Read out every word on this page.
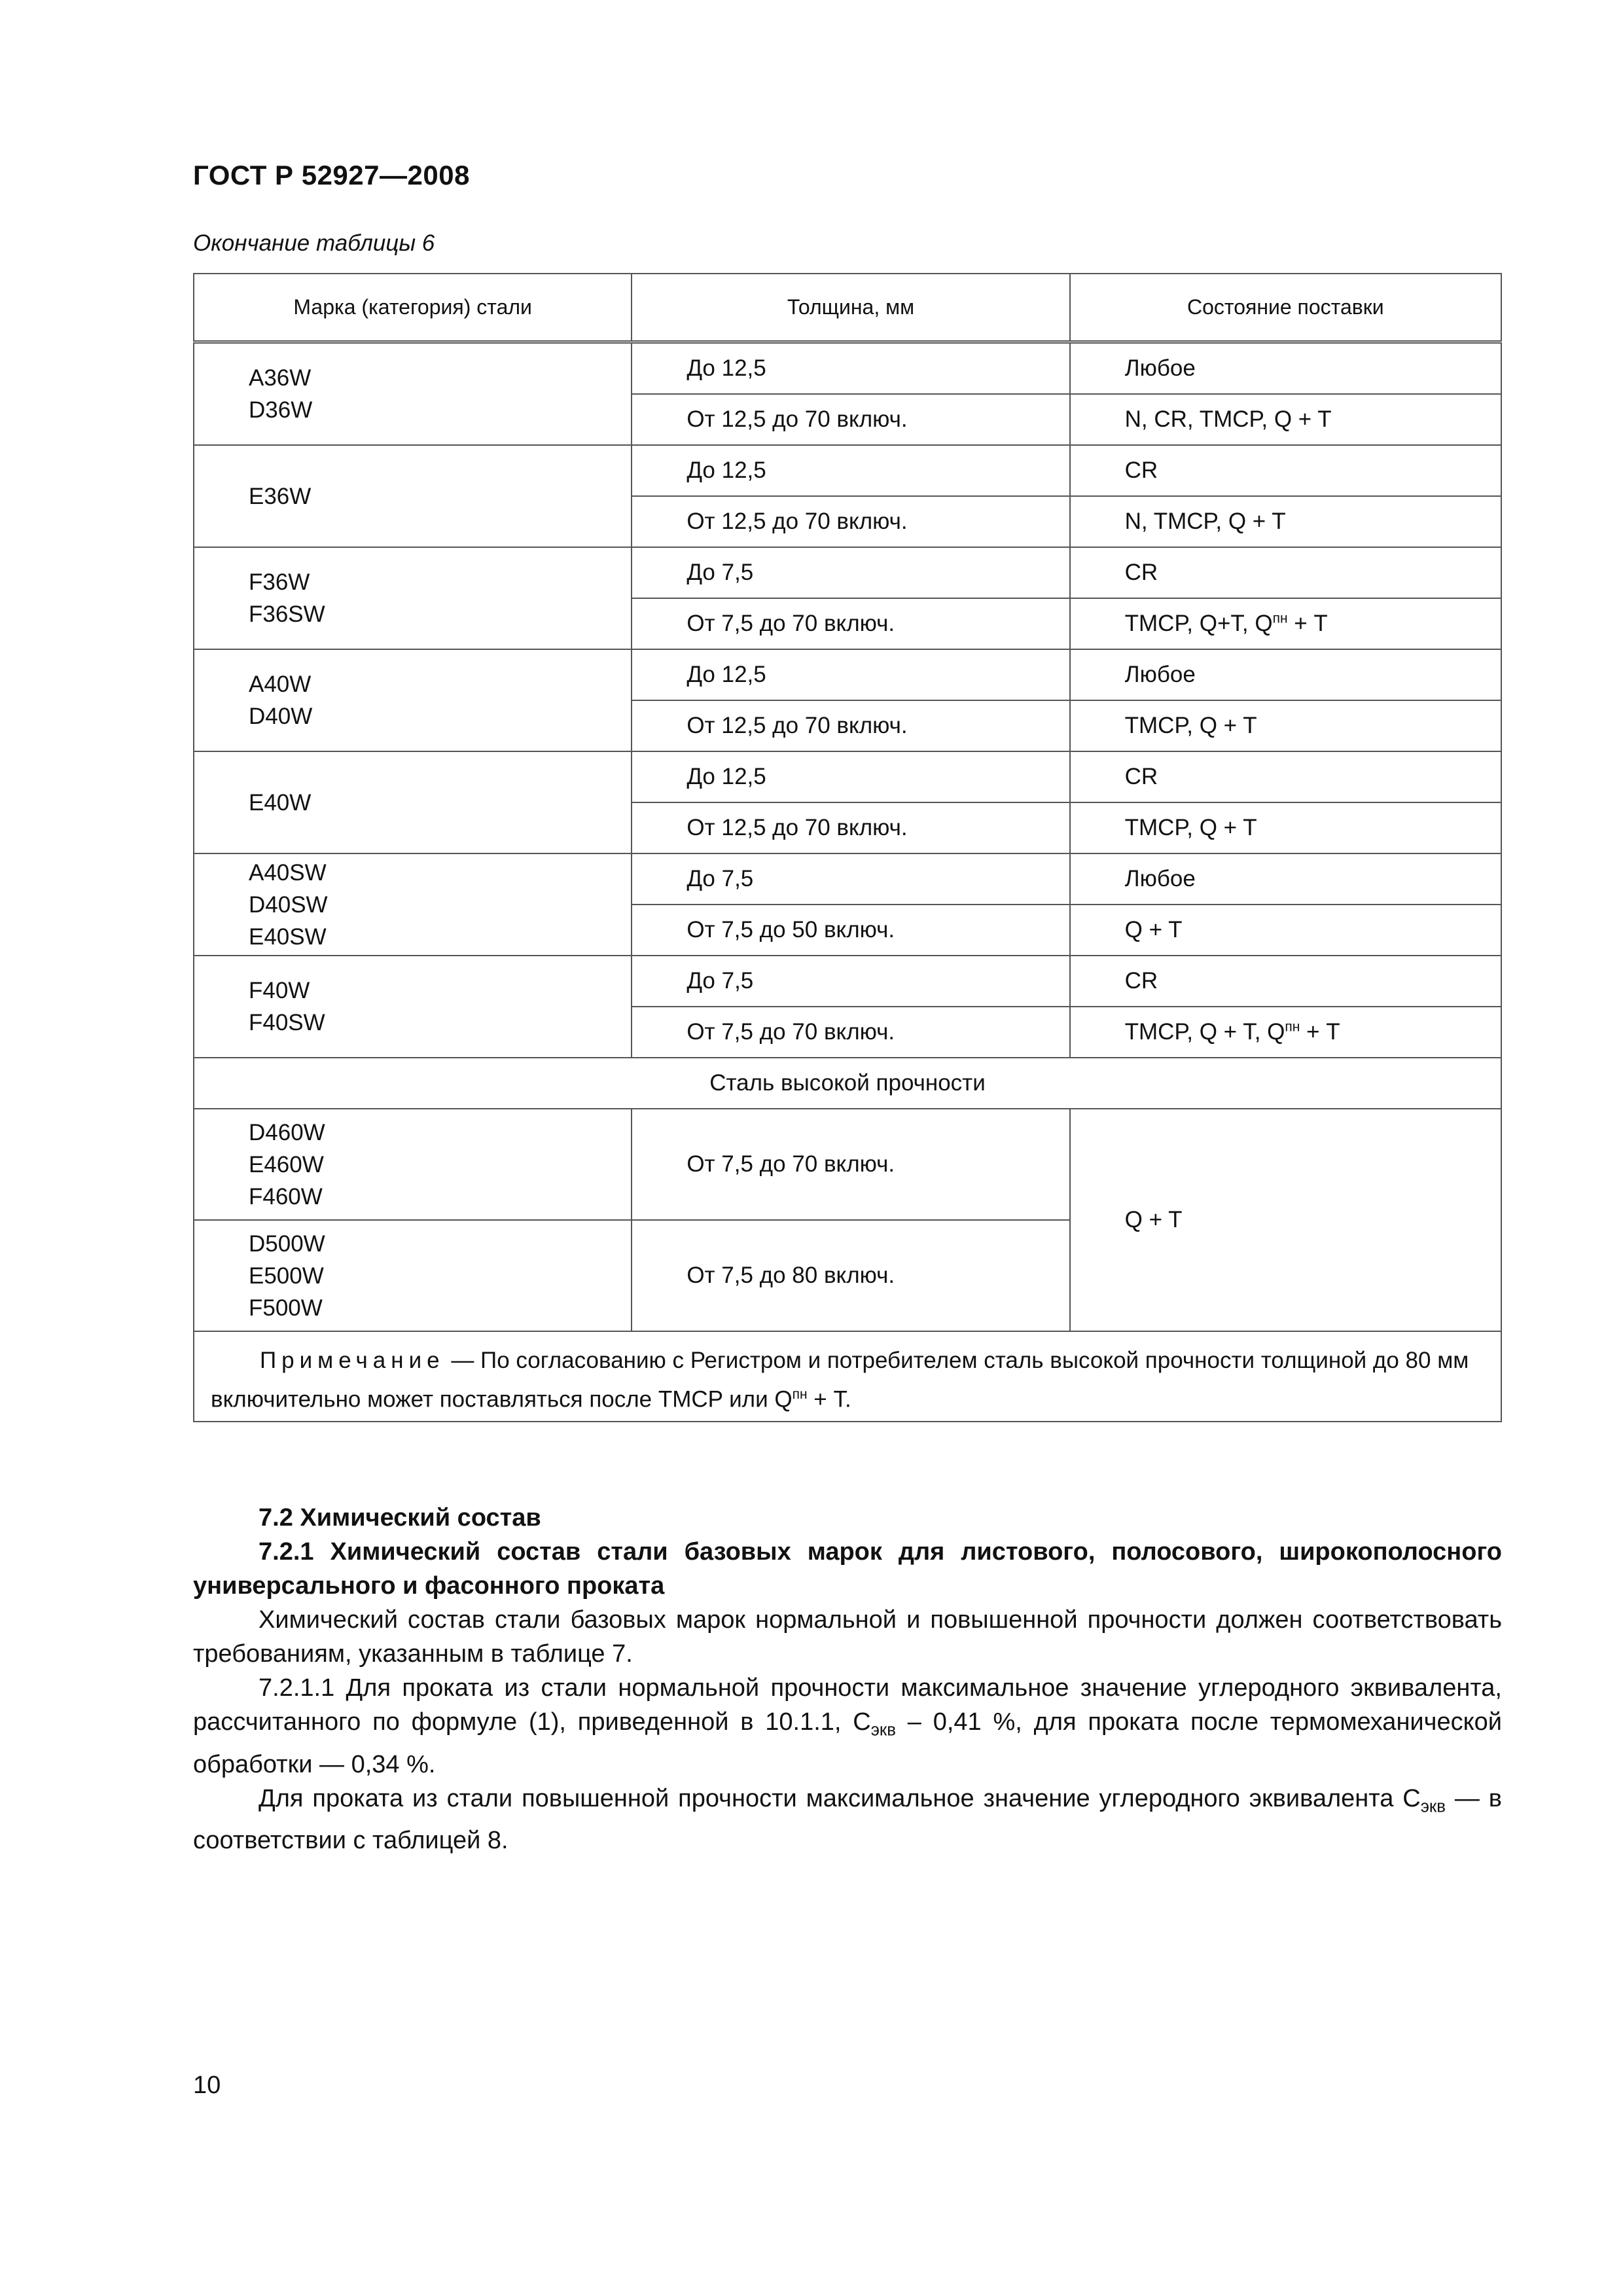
ГОСТ Р 52927—2008
Окончание таблицы 6
Марка (категория) стали	Толщина, мм	Состояние поставки
A36W
D36W	До 12,5	Любое
	От 12,5 до 70 включ.	N, CR, TMCP, Q + T
E36W	До 12,5	CR
	От 12,5 до 70 включ.	N, TMCP, Q + T
F36W
F36SW	До 7,5	CR
	От 7,5 до 70 включ.	TMCP, Q+T, $Q^{пн} + T$
A40W
D40W	До 12,5	Любое
	От 12,5 до 70 включ.	TMCP, Q + T
E40W	До 12,5	CR
	От 12,5 до 70 включ.	TMCP, Q + T
A40SW
D40SW
E40SW	До 7,5	Любое
	От 7,5 до 50 включ.	Q + T
F40W
F40SW	До 7,5	CR
	От 7,5 до 70 включ.	TMCP, Q + T, $Q^{пн} + T$
Сталь высокой прочности		
D460W
E460W
F460W	От 7,5 до 70 включ.	Q + T
D500W
E500W
F500W	От 7,5 до 80 включ.	
Примечание — По согласованию с Регистром и потребителем сталь высокой прочности толщиной до 80 мм включительно может поставляться после TMCP или $Q^{пн} + T$.		
7.2 Химический состав
7.2.1 Химический состав стали базовых марок для листового, полосового, широкополосного универсального и фасонного проката
Химический состав стали базовых марок нормальной и повышенной прочности должен соответствовать требованиям, указанным в таблице 7.
7.2.1.1 Для проката из стали нормальной прочности максимальное значение углеродного эквивалента, рассчитанного по формуле (1), приведенной в 10.1.1, $C_{экв} - 0,41$ %, для проката после термомеханической обработки — 0,34 %.
Для проката из стали повышенной прочности максимальное значение углеродного эквивалента $C_{экв}$ — в соответствии с таблицей 8.
10
